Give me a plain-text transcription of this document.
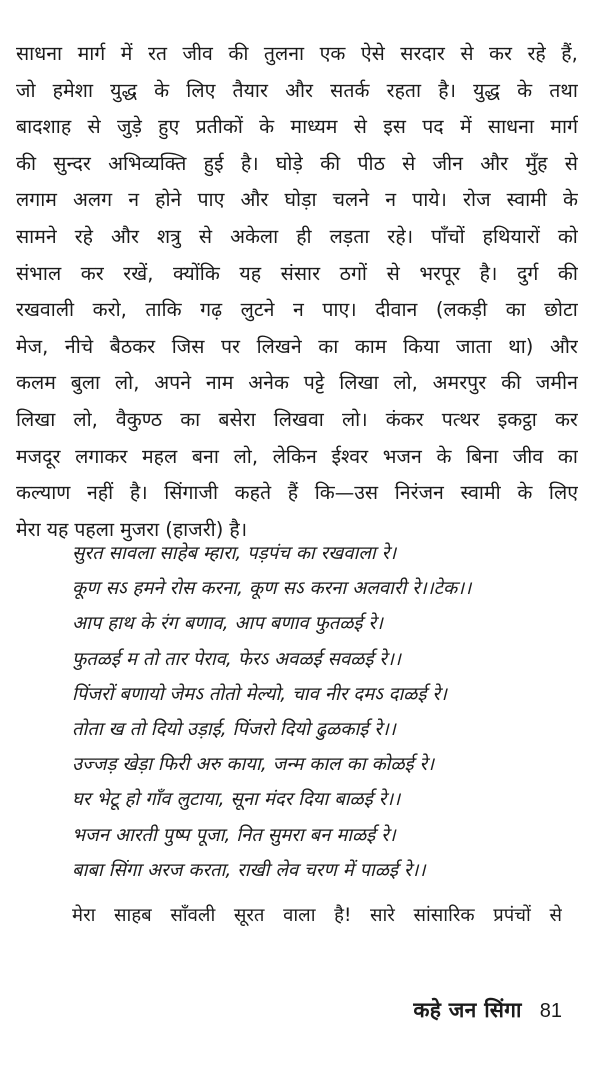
साधना मार्ग में रत जीव की तुलना एक ऐसे सरदार से कर रहे हैं,
जो हमेशा युद्ध के लिए तैयार और सतर्क रहता है। युद्ध के तथा
बादशाह से जुड़े हुए प्रतीकों के माध्यम से इस पद में साधना मार्ग
की सुन्दर अभिव्यक्ति हुई है। घोड़े की पीठ से जीन और मुँह से
लगाम अलग न होने पाए और घोड़ा चलने न पाये। रोज स्वामी के
सामने रहे और शत्रु से अकेला ही लड़ता रहे। पाँचों हथियारों को
संभाल कर रखें, क्योंकि यह संसार ठगों से भरपूर है। दुर्ग की
रखवाली करो, ताकि गढ़ लुटने न पाए। दीवान (लकड़ी का छोटा
मेज, नीचे बैठकर जिस पर लिखने का काम किया जाता था) और
कलम बुला लो, अपने नाम अनेक पट्टे लिखा लो, अमरपुर की जमीन
लिखा लो, वैकुण्ठ का बसेरा लिखवा लो। कंकर पत्थर इकट्ठा कर
मजदूर लगाकर महल बना लो, लेकिन ईश्वर भजन के बिना जीव का
कल्याण नहीं है। सिंगाजी कहते हैं कि—उस निरंजन स्वामी के लिए
मेरा यह पहला मुजरा (हाजरी) है।
सुरत सावला साहेब म्हारा, पड़पंच का रखवाला रे।
कूण सऽ हमने रोस करना, कूण सऽ करना अलवारी रे।।टेक।।
आप हाथ के रंग बणाव, आप बणाव फुतळई रे।
फुतळई म तो तार पेराव, फेरऽ अवळई सवळई रे।।
पिंजरों बणायो जेमऽ तोतो मेल्यो, चाव नीर दमऽ दाळई रे।
तोता ख तो दियो उड़ाई, पिंजरो दियो ढुळकाई रे।।
उज्जड़ खेड़ा फिरी अरु काया, जन्म काल का कोळई रे।
घर भेटू हो गाँव लुटाया, सूना मंदर दिया बाळई रे।।
भजन आरती पुष्प पूजा, नित सुमरा बन माळई रे।
बाबा सिंगा अरज करता, राखी लेव चरण में पाळई रे।।
मेरा साहब साँवली सूरत वाला है! सारे सांसारिक प्रपंचों से
कहे जन सिंगा 81
